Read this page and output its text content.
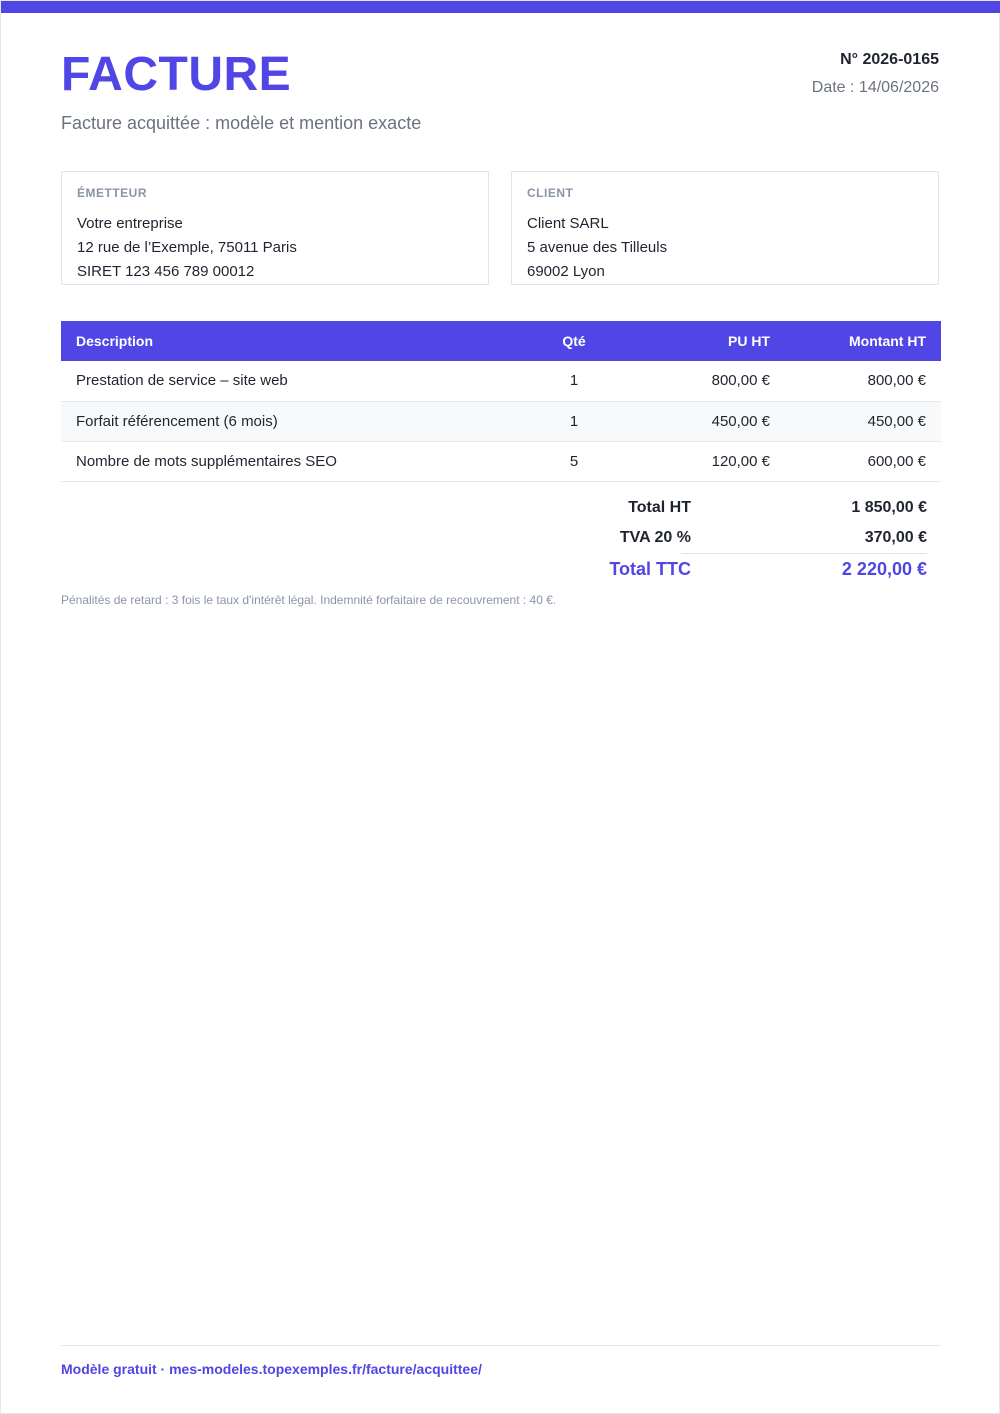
FACTURE
Facture acquittée : modèle et mention exacte
N° 2026-0165
Date : 14/06/2026
ÉMETTEUR
Votre entreprise
12 rue de l’Exemple, 75011 Paris
SIRET 123 456 789 00012
CLIENT
Client SARL
5 avenue des Tilleuls
69002 Lyon
Description	Qté	PU HT	Montant HT
Prestation de service – site web	1	800,00 €	800,00 €
Forfait référencement (6 mois)	1	450,00 €	450,00 €
Nombre de mots supplémentaires SEO	5	120,00 €	600,00 €
Total HT	1 850,00 €
TVA 20 %	370,00 €
Total TTC	2 220,00 €
Pénalités de retard : 3 fois le taux d'intérêt légal. Indemnité forfaitaire de recouvrement : 40 €.
Modèle gratuit · mes-modeles.topexemples.fr/facture/acquittee/
